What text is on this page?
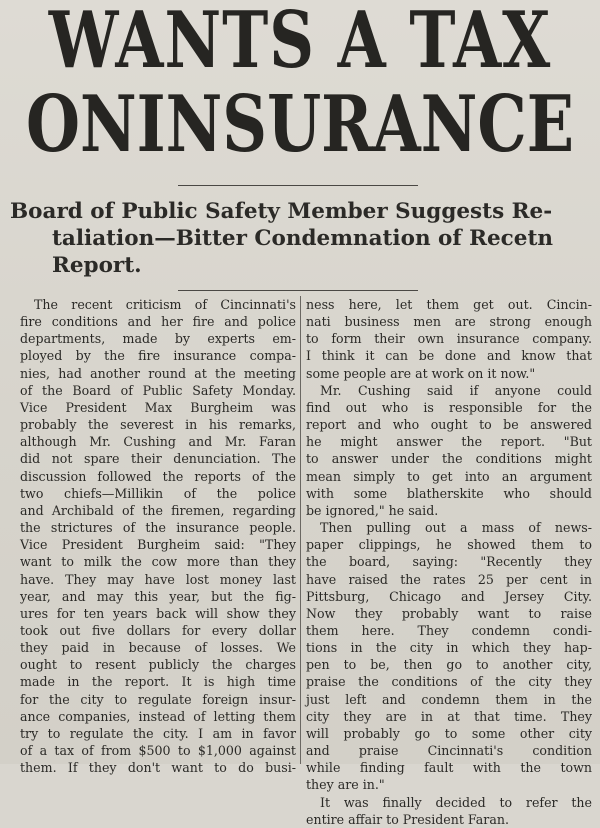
WANTS A TAX
ONINSURANCE
Board of Public Safety Member Suggests Re-
taliation—Bitter Condemnation of Recetn
Report.
The recent criticism of Cincinnati's
fire conditions and her fire and police
departments, made by experts em-
ployed by the fire insurance compa-
nies, had another round at the meeting
of the Board of Public Safety Monday.
Vice President Max Burgheim was
probably the severest in his remarks,
although Mr. Cushing and Mr. Faran
did not spare their denunciation. The
discussion followed the reports of the
two chiefs—Millikin of the police
and Archibald of the firemen, regarding
the strictures of the insurance people.
Vice President Burgheim said: "They
want to milk the cow more than they
have. They may have lost money last
year, and may this year, but the fig-
ures for ten years back will show they
took out five dollars for every dollar
they paid in because of losses. We
ought to resent publicly the charges
made in the report. It is high time
for the city to regulate foreign insur-
ance companies, instead of letting them
try to regulate the city. I am in favor
of a tax of from $500 to $1,000 against
them. If they don't want to do busi-
ness here, let them get out. Cincin-
nati business men are strong enough
to form their own insurance company.
I think it can be done and know that
some people are at work on it now."
Mr. Cushing said if anyone could
find out who is responsible for the
report and who ought to be answered
he might answer the report. "But
to answer under the conditions might
mean simply to get into an argument
with some blatherskite who should
be ignored," he said.
Then pulling out a mass of news-
paper clippings, he showed them to
the board, saying: "Recently they
have raised the rates 25 per cent in
Pittsburg, Chicago and Jersey City.
Now they probably want to raise
them here. They condemn condi-
tions in the city in which they hap-
pen to be, then go to another city,
praise the conditions of the city they
just left and condemn them in the
city they are in at that time. They
will probably go to some other city
and praise Cincinnati's condition
while finding fault with the town
they are in."
It was finally decided to refer the
entire affair to President Faran.
